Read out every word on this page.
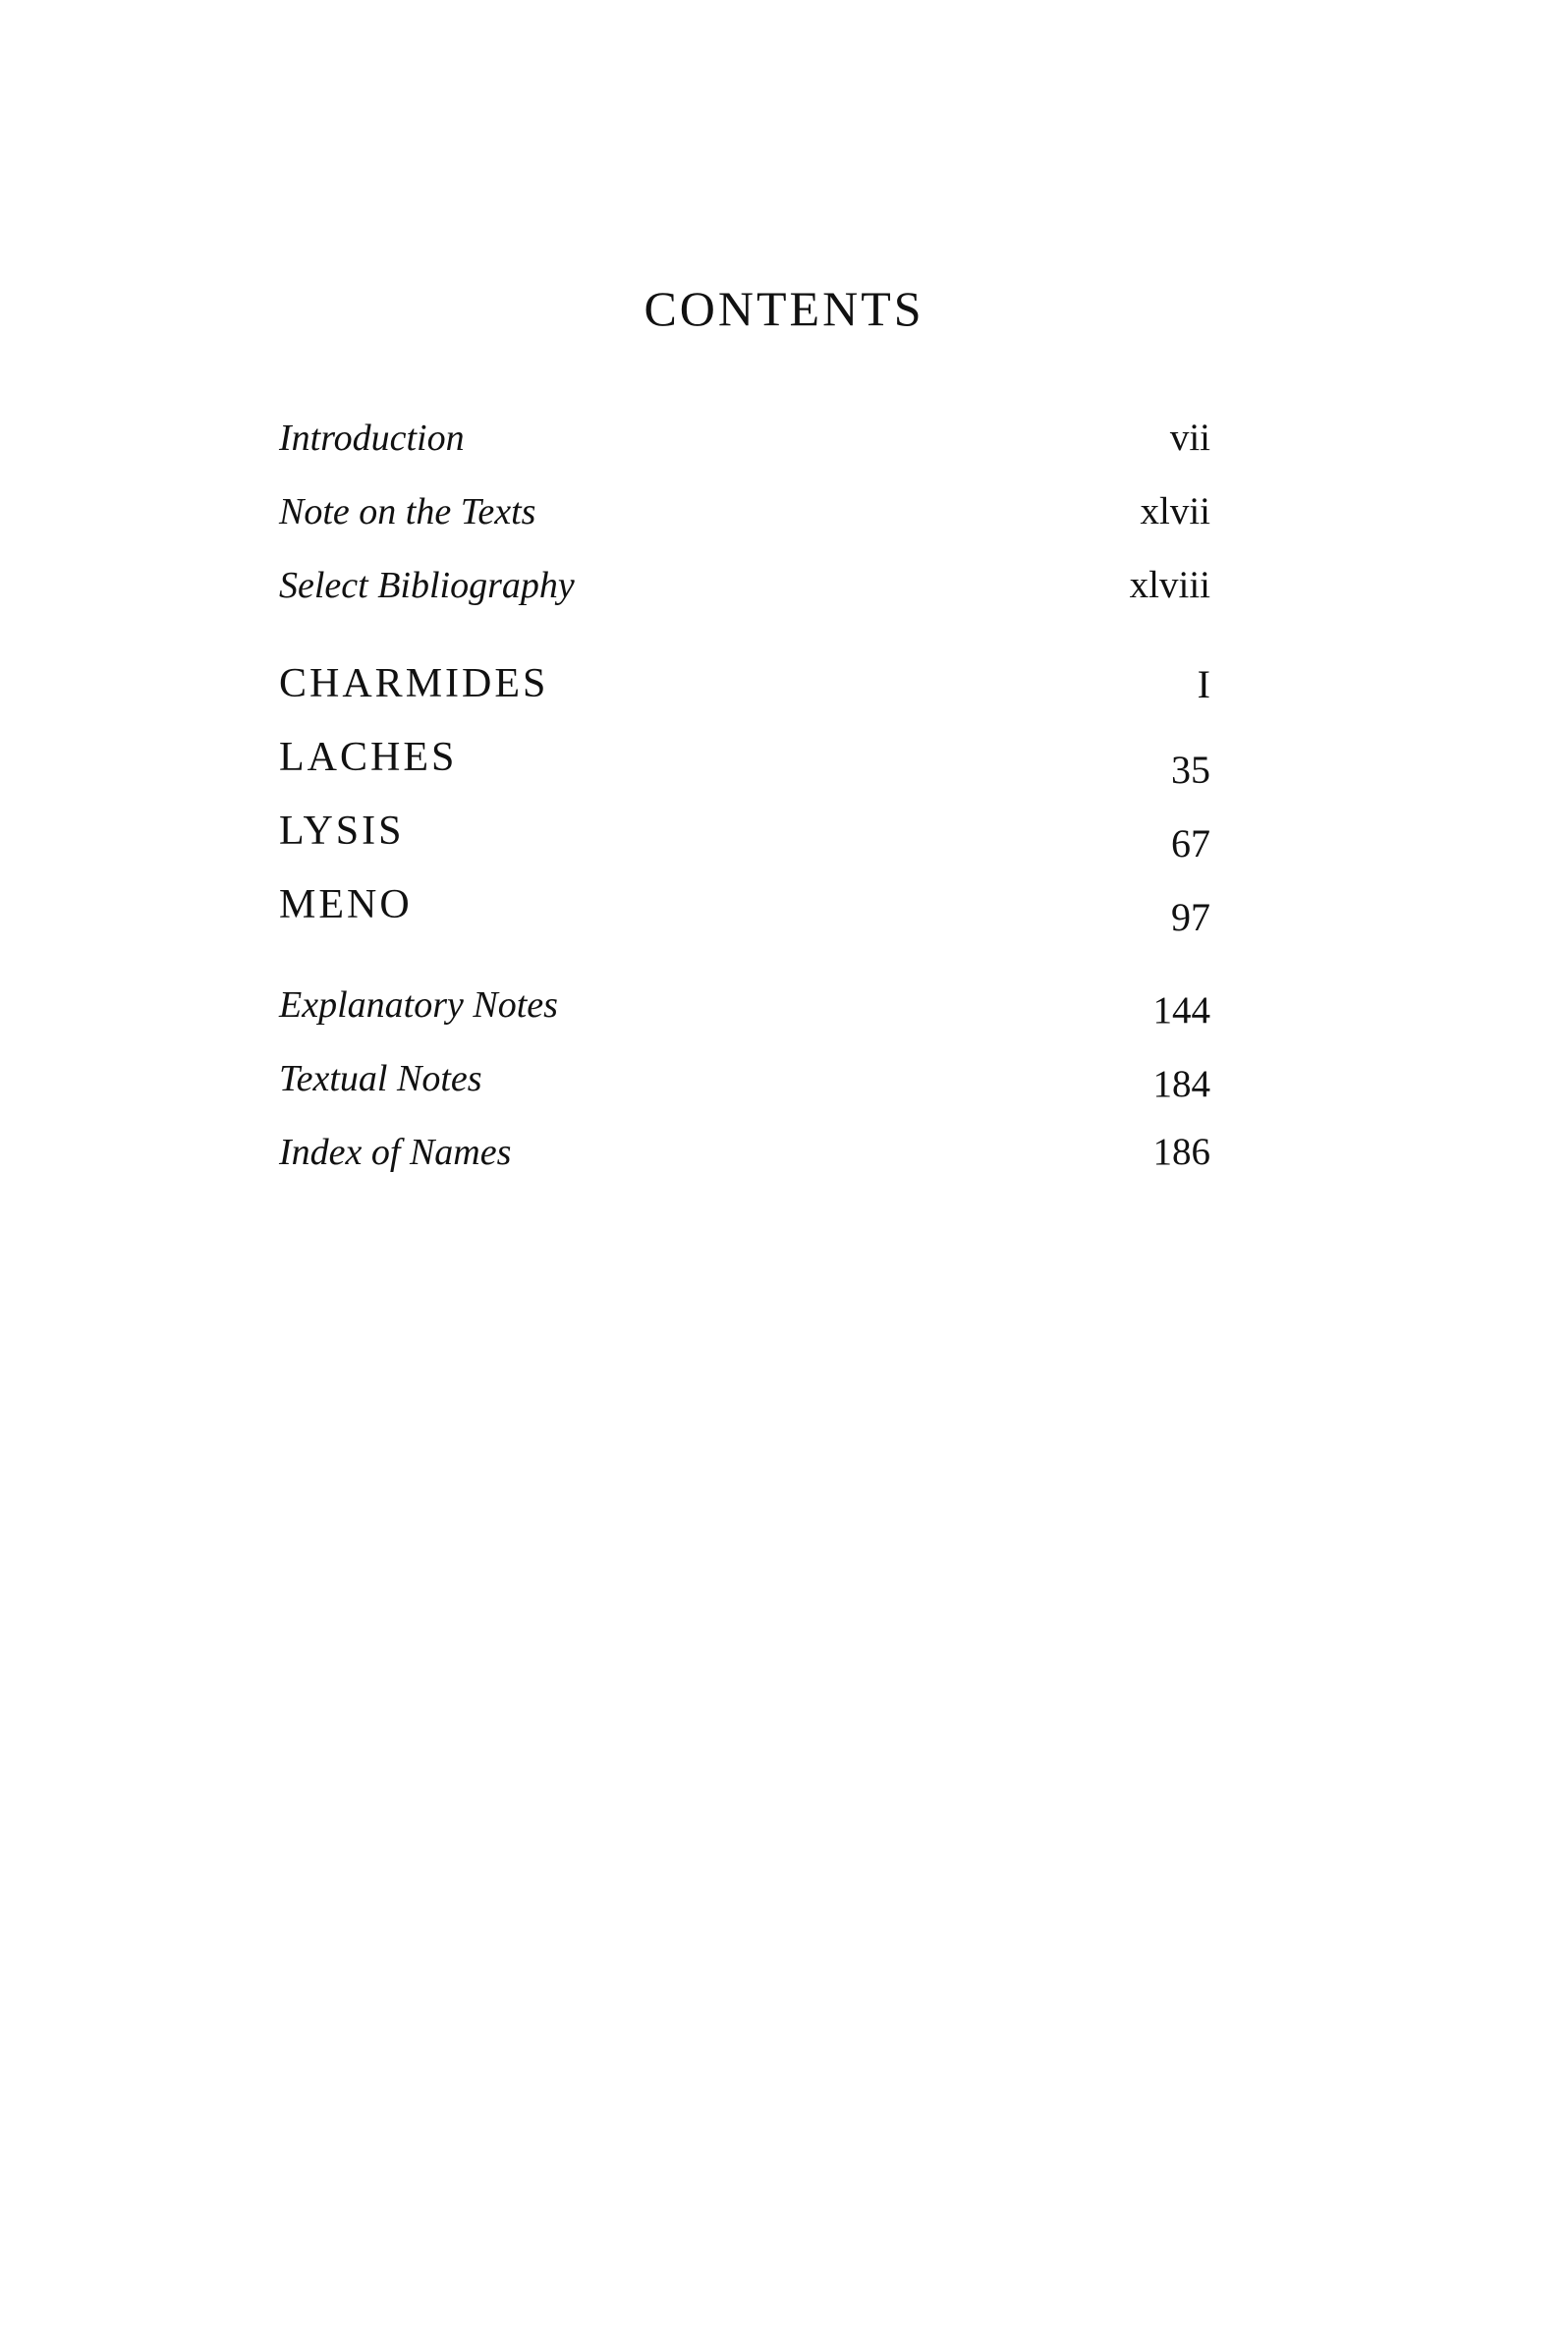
CONTENTS
Introduction	vii
Note on the Texts	xlvii
Select Bibliography	xlviii
CHARMIDES	I
LACHES	35
LYSIS	67
MENO	97
Explanatory Notes	144
Textual Notes	184
Index of Names	186
